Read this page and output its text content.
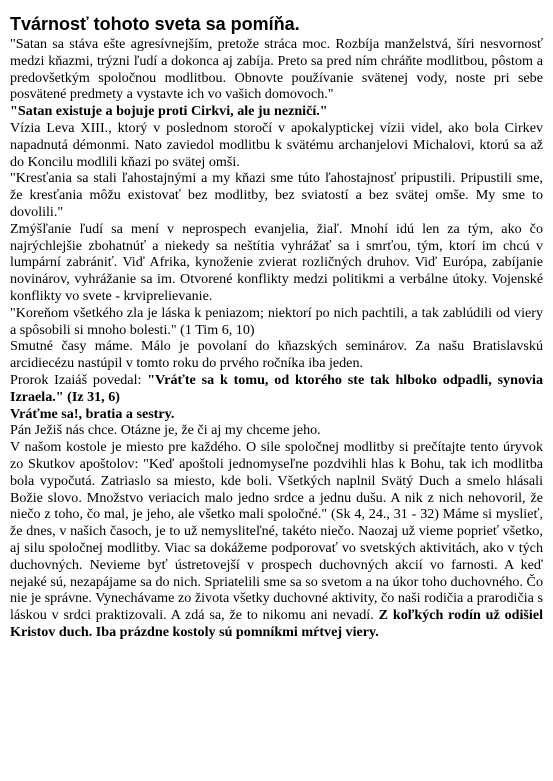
Tvárnosť tohoto sveta sa pomíňa.

"Satan sa stáva ešte agresívnejším, pretože stráca moc. Rozbíja manželstvá, šíri nesvornosť medzi kňazmi, trýzni ľudí a dokonca aj zabíja. Preto sa pred ním chráňte modlitbou, pôstom a predovšetkým spoločnou modlitbou. Obnovte používanie svätenej vody, noste pri sebe posvätené predmety a vystavte ich vo vašich domovoch."

"Satan existuje a bojuje proti Cirkvi, ale ju nezničí."

Vízia Leva XIII., ktorý v poslednom storočí v apokalyptickej vízii videl, ako bola Cirkev napadnutá démonmi. Nato zaviedol modlitbu k svätému archanjelovi Michalovi, ktorú sa až do Koncilu modlili kňazi po svätej omši.

"Kresťania sa stali ľahostajnými a my kňazi sme túto ľahostajnosť pripustili. Pripustili sme, že kresťania môžu existovať bez modlitby, bez sviatostí a bez svätej omše. My sme to dovolili."

Zmýšľanie ľudí sa mení v neprospech evanjelia, žiaľ. Mnohí idú len za tým, ako čo najrýchlejšie zbohatnúť a niekedy sa neštítia vyhrážať sa i smrťou, tým, ktorí im chcú v lumpární zabrániť. Viď Afrika, kynoženie zvierat rozličných druhov. Viď Európa, zabíjanie novinárov, vyhrážanie sa im. Otvorené konflikty medzi politikmi a verbálne útoky. Vojenské konflikty vo svete - krviprelievanie.

"Koreňom všetkého zla je láska k peniazom; niektorí po nich pachtili, a tak zablúdili od viery a spôsobili si mnoho bolesti." (1 Tim 6, 10)

Smutné časy máme. Málo je povolaní do kňazských seminárov. Za našu Bratislavskú arcidiecézu nastúpil v tomto roku do prvého ročníka iba jeden.

Prorok Izaiáš povedal: "Vráťte sa k tomu, od ktorého ste tak hlboko odpadli, synovia Izraela." (Iz 31, 6)

Vráťme sa!, bratia a sestry.

Pán Ježiš nás chce. Otázne je, že či aj my chceme jeho.

V našom kostole je miesto pre každého. O sile spoločnej modlitby si prečítajte tento úryvok zo Skutkov apoštolov: "Keď apoštoli jednomyseľne pozdvihli hlas k Bohu, tak ich modlitba bola vypočutá. Zatriaslo sa miesto, kde boli. Všetkých naplnil Svätý Duch a smelo hlásali Božie slovo. Množstvo veriacich malo jedno srdce a jednu dušu. A nik z nich nehovoril, že niečo z toho, čo mal, je jeho, ale všetko mali spoločné." (Sk 4, 24., 31 - 32) Máme si myslieť, že dnes, v našich časoch, je to už nemysliteľné, takéto niečo. Naozaj už vieme poprieť všetko, aj silu spoločnej modlitby. Viac sa dokážeme podporovať vo svetských aktivitách, ako v tých duchovných. Nevieme byť ústretovejší v prospech duchovných akcií vo farnosti. A keď nejaké sú, nezapájame sa do nich. Spriatelili sme sa so svetom a na úkor toho duchovného. Čo nie je správne. Vynechávame zo života všetky duchovné aktivity, čo naši rodičia a prarodičia s láskou v srdci praktizovali. A zdá sa, že to nikomu ani nevadí. Z koľkých rodín už odišiel Kristov duch. Iba prázdne kostoly sú pomníkmi mŕtvej viery.
